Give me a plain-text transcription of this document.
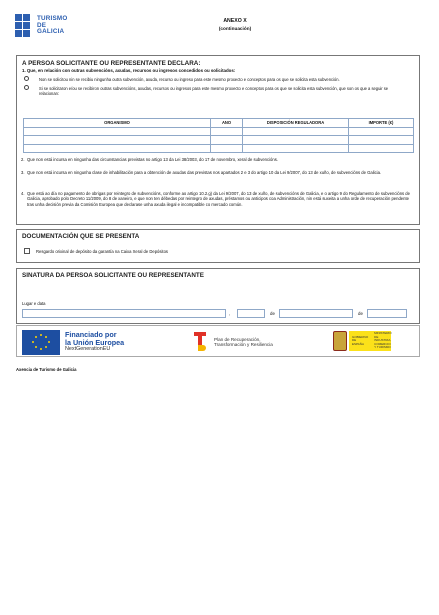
TURISMO
DE
GALICIA
ANEXO X
(continuación)
A PERSOA SOLICITANTE OU REPRESENTANTE DECLARA:
1. Que, en relación con outras subvencións, axudas, recursos ou ingresos concedidos ou solicitados:
Non se solicitou nin se recibiu ningunha outra subvención, axuda, recurso ou ingreso para este mesmo proxecto e conceptos para os que se solicita esta subvención.
Si se solicitaron e/ou se recibiron outras subvencións, axudas, recursos ou ingresos para este mesmo proxecto e conceptos para os que se solicita esta subvención, que son os que a seguir se relacionan:
ORGANISMO	ANO	DISPOSICIÓN REGULADORA	IMPORTE (€)

2. Que non está incursa en ningunha das circunstancias previstas no artigo 13 da Lei 38/2003, do 17 de novembro, xeral de subvencións.
3. Que non está incursa en ningunha clase de inhabilitación para a obtención de axudas das previstas nos apartados 2 e 3 do artigo 10 da Lei 9/2007, do 13 de xuño, de subvencións de Galicia.
4. Que está ao día no pagamento de obrigas por reintegro de subvencións, conforme ao artigo 10.2.g) da Lei 9/2007, do 13 de xuño, de subvencións de Galicia, e o artigo 9 do Regulamento de subvencións de Galicia, aprobado polo Decreto 11/2009, do 8 de xaneiro, e que non ten débedas por reintegro de axudas, préstamos ou anticipos coa Administración, nin está suxeita a unha orde de recuperación pendente tras unha decisión previa da Comisión Europea que declarase unha axuda ilegal e incompatible co mercado común.
DOCUMENTACIÓN QUE SE PRESENTA
Resgardo orixinal de depósito da garantía na Caixa Xeral de Depósitos
SINATURA DA PERSOA SOLICITANTE OU REPRESENTANTE
Lugar e data
,	de	de
Financiado por
la Unión Europea
NextGenerationEU
Plan de Recuperación,
Transformación y Resiliencia
GOBIERNO
DE ESPAÑA
MINISTERIO
DE INDUSTRIA, COMERCIO
Y TURISMO
Axencia de Turismo de Galicia
